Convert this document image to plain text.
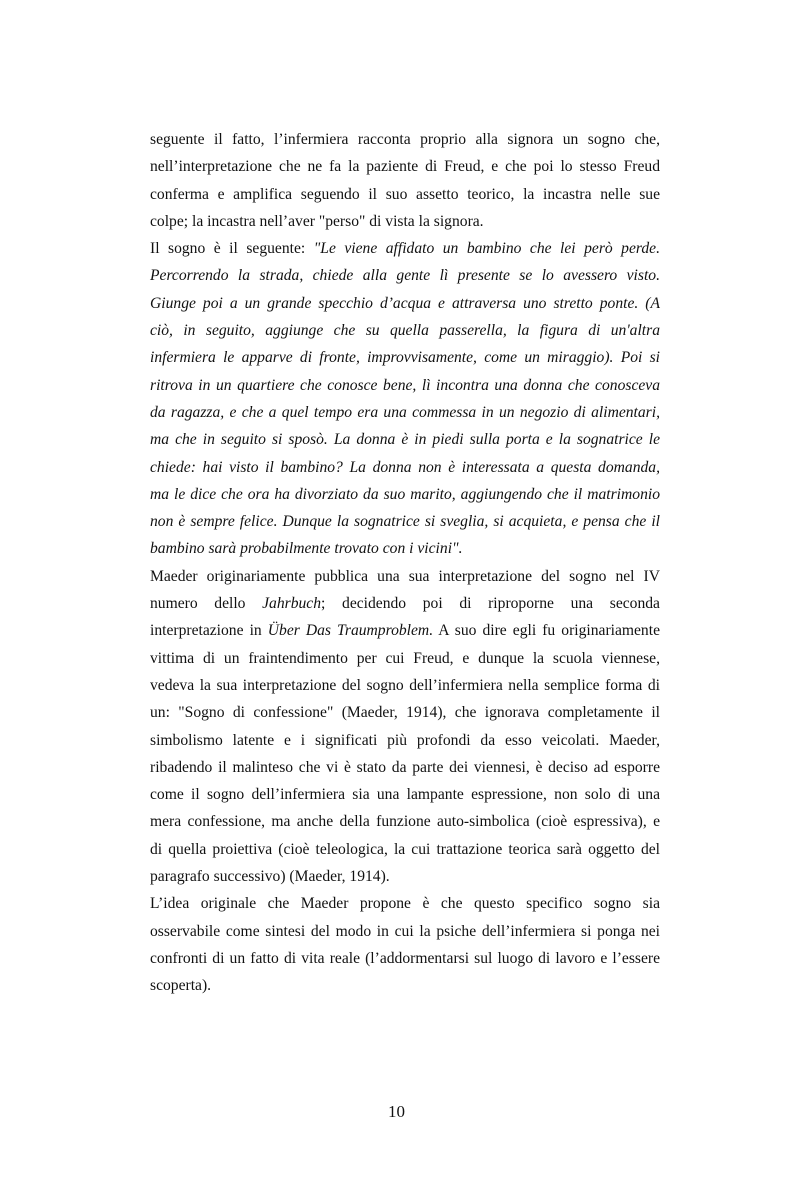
seguente il fatto, l’infermiera racconta proprio alla signora un sogno che,
nell’interpretazione che ne fa la paziente di Freud, e che poi lo stesso Freud
conferma e amplifica seguendo il suo assetto teorico, la incastra nelle sue
colpe; la incastra nell’aver "perso" di vista la signora.
Il sogno è il seguente: "Le viene affidato un bambino che lei però perde.
Percorrendo la strada, chiede alla gente lì presente se lo avessero visto.
Giunge poi a un grande specchio d’acqua e attraversa uno stretto ponte. (A
ciò, in seguito, aggiunge che su quella passerella, la figura di un'altra
infermiera le apparve di fronte, improvvisamente, come un miraggio). Poi si
ritrova in un quartiere che conosce bene, lì incontra una donna che conosceva
da ragazza, e che a quel tempo era una commessa in un negozio di alimentari,
ma che in seguito si sposò. La donna è in piedi sulla porta e la sognatrice le
chiede: hai visto il bambino? La donna non è interessata a questa domanda,
ma le dice che ora ha divorziato da suo marito, aggiungendo che il matrimonio
non è sempre felice. Dunque la sognatrice si sveglia, si acquieta, e pensa che il
bambino sarà probabilmente trovato con i vicini".
Maeder originariamente pubblica una sua interpretazione del sogno nel IV
numero dello Jahrbuch; decidendo poi di riproporne una seconda
interpretazione in Über Das Traumproblem. A suo dire egli fu originariamente
vittima di un fraintendimento per cui Freud, e dunque la scuola viennese,
vedeva la sua interpretazione del sogno dell’infermiera nella semplice forma di
un: "Sogno di confessione" (Maeder, 1914), che ignorava completamente il
simbolismo latente e i significati più profondi da esso veicolati. Maeder,
ribadendo il malinteso che vi è stato da parte dei viennesi, è deciso ad esporre
come il sogno dell’infermiera sia una lampante espressione, non solo di una
mera confessione, ma anche della funzione auto-simbolica (cioè espressiva), e
di quella proiettiva (cioè teleologica, la cui trattazione teorica sarà oggetto del
paragrafo successivo) (Maeder, 1914).
L’idea originale che Maeder propone è che questo specifico sogno sia
osservabile come sintesi del modo in cui la psiche dell’infermiera si ponga nei
confronti di un fatto di vita reale (l’addormentarsi sul luogo di lavoro e l’essere
scoperta).
10
